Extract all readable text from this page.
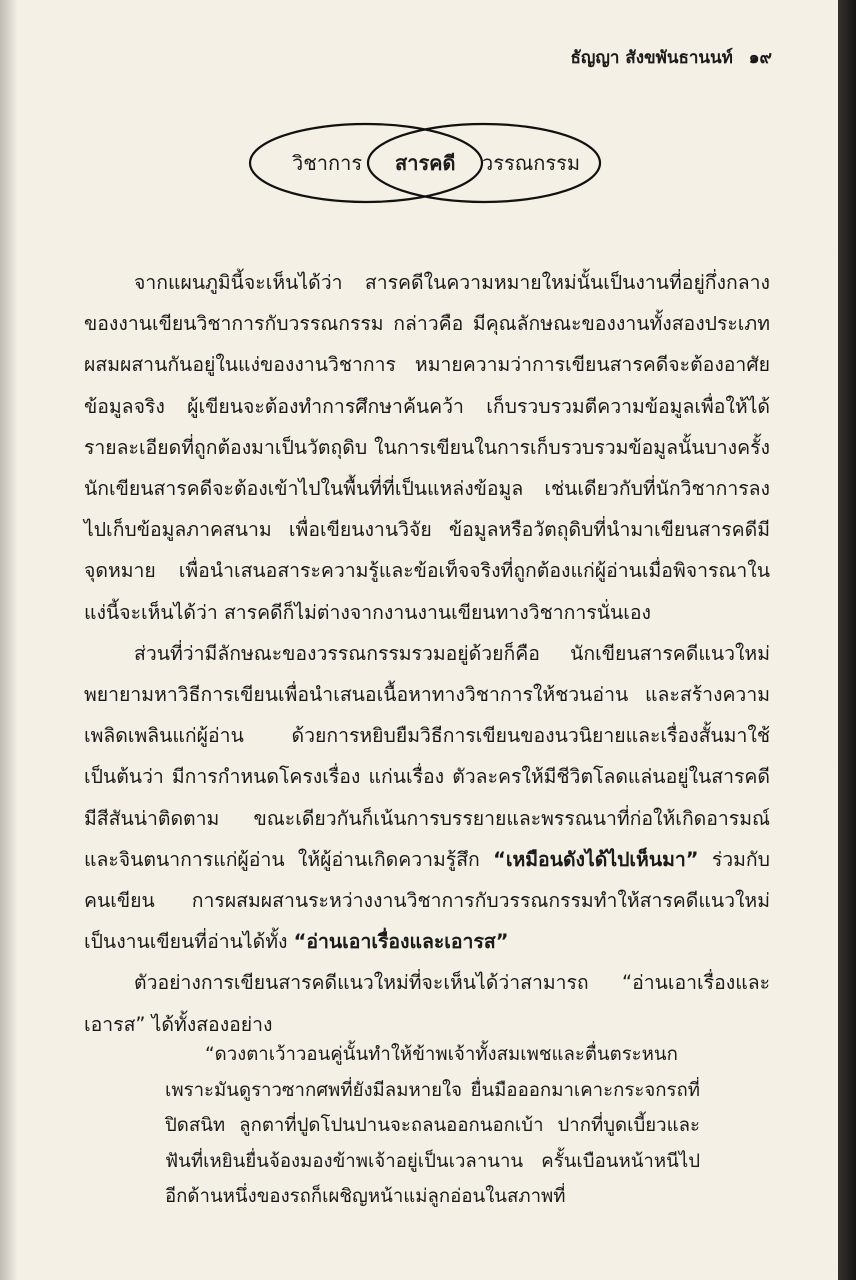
ธัญญา สังขพันธานนท์ ๑๙
วิชาการ สารคดี วรรณกรรม

จากแผนภูมินี้จะเห็นได้ว่า สารคดีในความหมายใหม่นั้นเป็นงานที่อยู่กึ่งกลางของงานเขียนวิชาการกับวรรณกรรม กล่าวคือ มีคุณลักษณะของงานทั้งสองประเภทผสมผสานกันอยู่ในแง่ของงานวิชาการ หมายความว่าการเขียนสารคดีจะต้องอาศัยข้อมูลจริง ผู้เขียนจะต้องทำการศึกษาค้นคว้า เก็บรวบรวมตีความข้อมูลเพื่อให้ได้รายละเอียดที่ถูกต้องมาเป็นวัตถุดิบ ในการเขียนในการเก็บรวบรวมข้อมูลนั้นบางครั้งนักเขียนสารคดีจะต้องเข้าไปในพื้นที่ที่เป็นแหล่งข้อมูล เช่นเดียวกับที่นักวิชาการลงไปเก็บข้อมูลภาคสนาม เพื่อเขียนงานวิจัย ข้อมูลหรือวัตถุดิบที่นำมาเขียนสารคดีมีจุดหมาย เพื่อนำเสนอสาระความรู้และข้อเท็จจริงที่ถูกต้องแก่ผู้อ่านเมื่อพิจารณาในแง่นี้จะเห็นได้ว่า สารคดีก็ไม่ต่างจากงานงานเขียนทางวิชาการนั่นเอง

ส่วนที่ว่ามีลักษณะของวรรณกรรมรวมอยู่ด้วยก็คือ นักเขียนสารคดีแนวใหม่ พยายามหาวิธีการเขียนเพื่อนำเสนอเนื้อหาทางวิชาการให้ชวนอ่าน และสร้างความเพลิดเพลินแก่ผู้อ่าน ด้วยการหยิบยืมวิธีการเขียนของนวนิยายและเรื่องสั้นมาใช้ เป็นต้นว่า มีการกำหนดโครงเรื่อง แก่นเรื่อง ตัวละครให้มีชีวิตโลดแล่นอยู่ในสารคดี มีสีสันน่าติดตาม ขณะเดียวกันก็เน้นการบรรยายและพรรณนาที่ก่อให้เกิดอารมณ์และจินตนาการแก่ผู้อ่าน ให้ผู้อ่านเกิดความรู้สึก “เหมือนดังได้ไปเห็นมา” ร่วมกับคนเขียน การผสมผสานระหว่างงานวิชาการกับวรรณกรรมทำให้สารคดีแนวใหม่เป็นงานเขียนที่อ่านได้ทั้ง “อ่านเอาเรื่องและเอารส”

ตัวอย่างการเขียนสารคดีแนวใหม่ที่จะเห็นได้ว่าสามารถ “อ่านเอาเรื่องและเอารส” ได้ทั้งสองอย่าง

“ดวงตาเว้าวอนคู่นั้นทำให้ข้าพเจ้าทั้งสมเพชและตื่นตระหนกเพราะมันดูราวซากศพที่ยังมีลมหายใจ ยื่นมือออกมาเคาะกระจกรถที่ปิดสนิท ลูกตาที่ปูดโปนปานจะถลนออกนอกเบ้า ปากที่บูดเบี้ยวและฟันที่เหยินยื่นจ้องมองข้าพเจ้าอยู่เป็นเวลานาน ครั้นเบือนหน้าหนีไปอีกด้านหนึ่งของรถก็เผชิญหน้าแม่ลูกอ่อนในสภาพที่
